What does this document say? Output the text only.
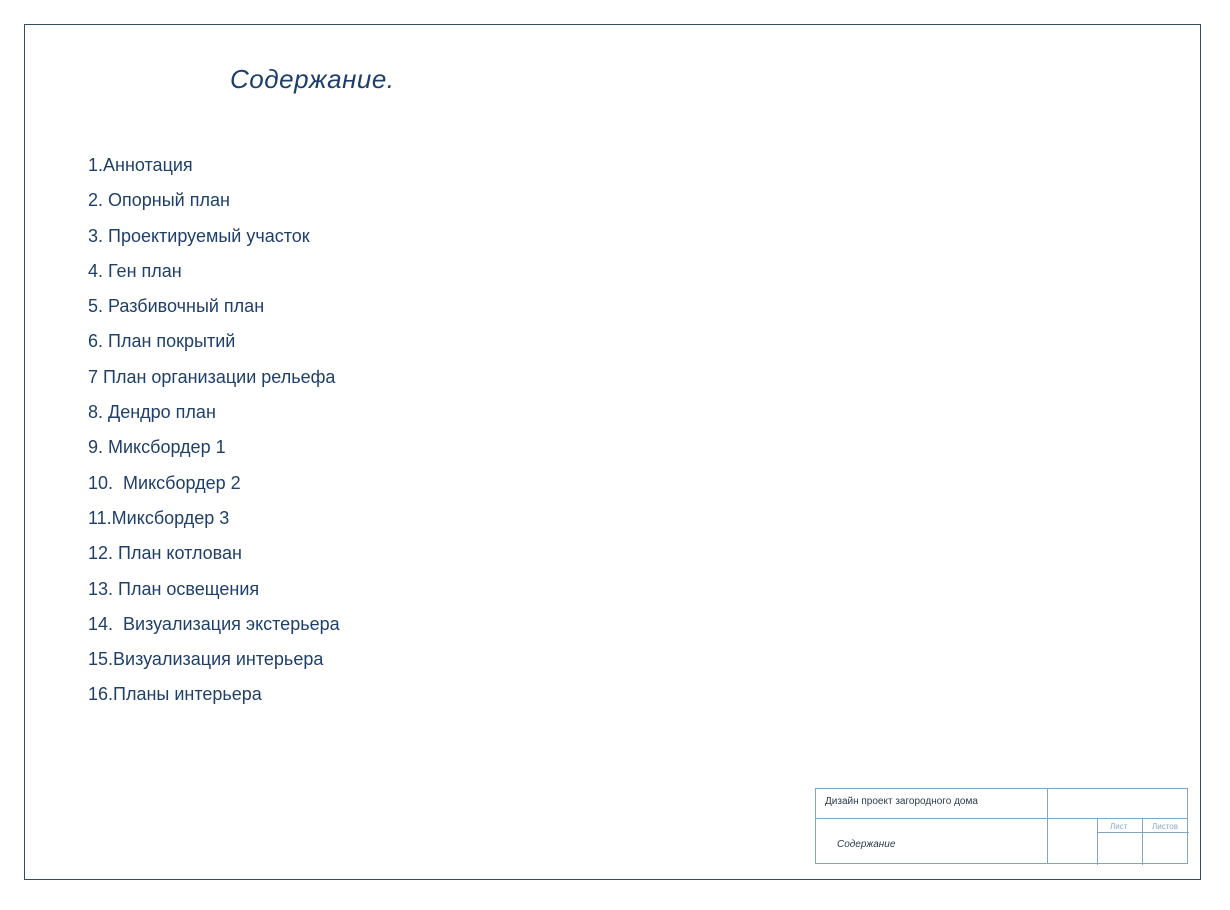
Содержание.
1.Аннотация
2. Опорный план
3. Проектируемый участок
4. Ген план
5. Разбивочный план
6. План покрытий
7 План организации рельефа
8. Дендро план
9. Миксбордер 1
10.  Миксбордер 2
11.Миксбордер 3
12. План котлован
13. План освещения
14.  Визуализация экстерьера
15.Визуализация интерьера
16.Планы интерьера
Дизайн проект загородного дома
Содержание
Лист	Листов
